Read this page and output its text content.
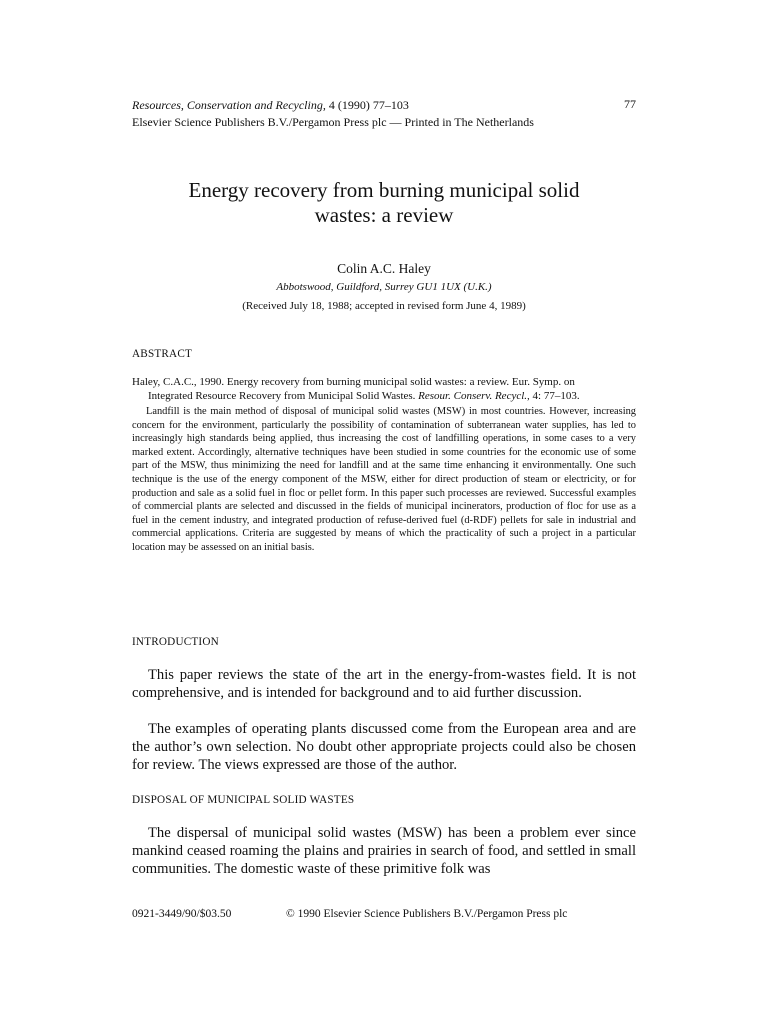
Resources, Conservation and Recycling, 4 (1990) 77–103
Elsevier Science Publishers B.V./Pergamon Press plc — Printed in The Netherlands
77
Energy recovery from burning municipal solid
wastes: a review
Colin A.C. Haley
Abbotswood, Guildford, Surrey GU1 1UX (U.K.)
(Received July 18, 1988; accepted in revised form June 4, 1989)
ABSTRACT
Haley, C.A.C., 1990. Energy recovery from burning municipal solid wastes: a review. Eur. Symp. on
Integrated Resource Recovery from Municipal Solid Wastes. Resour. Conserv. Recycl., 4: 77–103.

Landfill is the main method of disposal of municipal solid wastes (MSW) in most countries. However, increasing concern for the environment, particularly the possibility of contamination of subterranean water supplies, has led to increasingly high standards being applied, thus increasing the cost of landfilling operations, in some cases to a very marked extent. Accordingly, alternative techniques have been studied in some countries for the economic use of some part of the MSW, thus minimizing the need for landfill and at the same time enhancing it environmentally. One such technique is the use of the energy component of the MSW, either for direct production of steam or electricity, or for production and sale as a solid fuel in floc or pellet form. In this paper such processes are reviewed. Successful examples of commercial plants are selected and discussed in the fields of municipal incinerators, production of floc for use as a fuel in the cement industry, and integrated production of refuse-derived fuel (d-RDF) pellets for sale in industrial and commercial applications. Criteria are suggested by means of which the practicality of such a project in a particular location may be assessed on an initial basis.

INTRODUCTION

This paper reviews the state of the art in the energy-from-wastes field. It is not comprehensive, and is intended for background and to aid further discussion.

The examples of operating plants discussed come from the European area and are the author’s own selection. No doubt other appropriate projects could also be chosen for review. The views expressed are those of the author.

DISPOSAL OF MUNICIPAL SOLID WASTES

The dispersal of municipal solid wastes (MSW) has been a problem ever since mankind ceased roaming the plains and prairies in search of food, and settled in small communities. The domestic waste of these primitive folk was

0921-3449/90/$03.50	© 1990 Elsevier Science Publishers B.V./Pergamon Press plc
